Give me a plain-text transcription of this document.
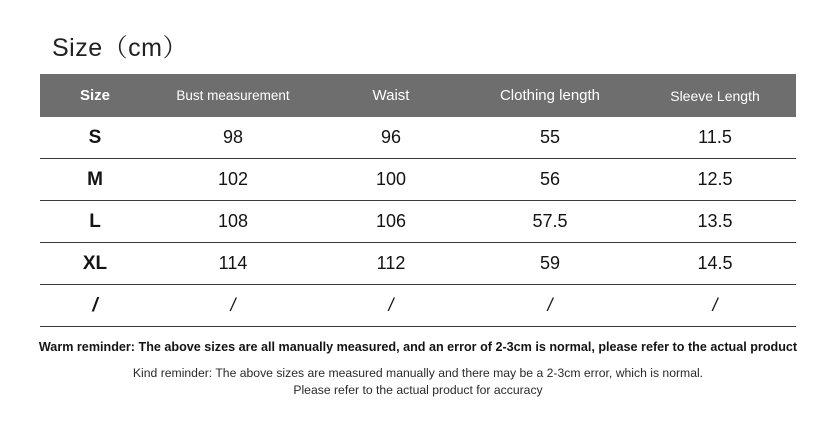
Size（cm）
Size	Bust measurement	Waist	Clothing length	Sleeve Length
S	98	96	55	11.5
M	102	100	56	12.5
L	108	106	57.5	13.5
XL	114	112	59	14.5
/	/	/	/	/
Warm reminder: The above sizes are all manually measured, and an error of 2-3cm is normal, please refer to the actual product
Kind reminder: The above sizes are measured manually and there may be a 2-3cm error, which is normal.
Please refer to the actual product for accuracy
